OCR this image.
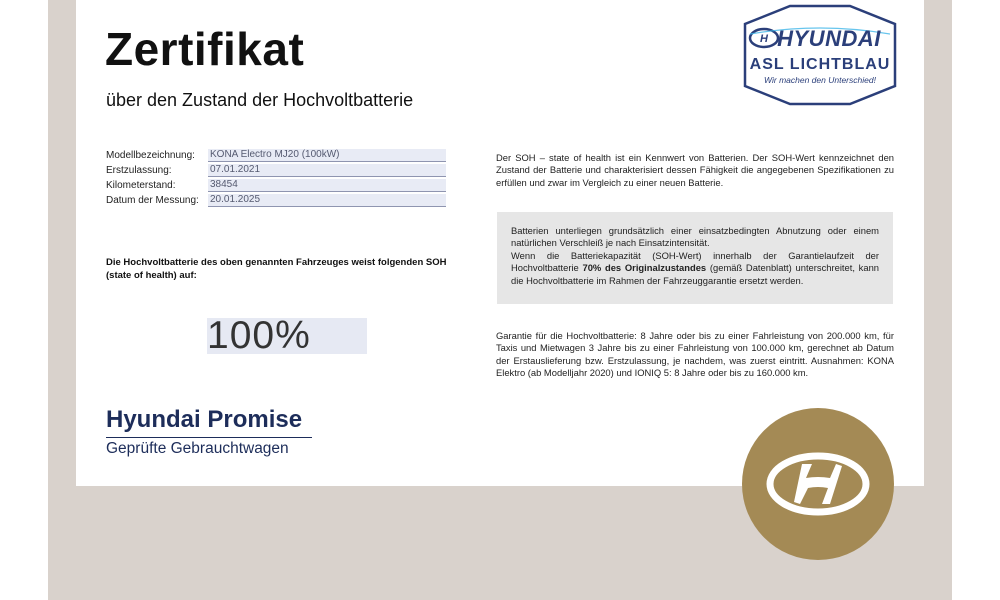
Zertifikat
über den Zustand der Hochvoltbatterie
H HYUNDAI
ASL LICHTBLAU
Wir machen den Unterschied!
Modellbezeichnung: KONA Electro MJ20 (100kW)
Erstzulassung:	07.01.2021
Kilometerstand:	38454
Datum der Messung: 20.01.2025
Die Hochvoltbatterie des oben genannten Fahrzeuges weist folgenden SOH (state of health) auf:
100%
Hyundai Promise
Geprüfte Gebrauchtwagen
Der SOH – state of health ist ein Kennwert von Batterien. Der SOH-Wert kennzeichnet den Zustand der Batterie und charakterisiert dessen Fähigkeit die angegebenen Spezifikationen zu erfüllen und zwar im Vergleich zu einer neuen Batterie.
Batterien unterliegen grundsätzlich einer einsatzbedingten Abnutzung oder einem natürlichen Verschleiß je nach Einsatzintensität.
Wenn die Batteriekapazität (SOH-Wert) innerhalb der Garantielaufzeit der Hochvoltbatterie 70% des Originalzustandes (gemäß Datenblatt) unterschreitet, kann die Hochvoltbatterie im Rahmen der Fahrzeuggarantie ersetzt werden.
Garantie für die Hochvoltbatterie: 8 Jahre oder bis zu einer Fahrleistung von 200.000 km, für Taxis und Mietwagen 3 Jahre bis zu einer Fahrleistung von 100.000 km, gerechnet ab Datum der Erstauslieferung bzw. Erstzulassung, je nachdem, was zuerst eintritt. Ausnahmen: KONA Elektro (ab Modelljahr 2020) und IONIQ 5: 8 Jahre oder bis zu 160.000 km.
